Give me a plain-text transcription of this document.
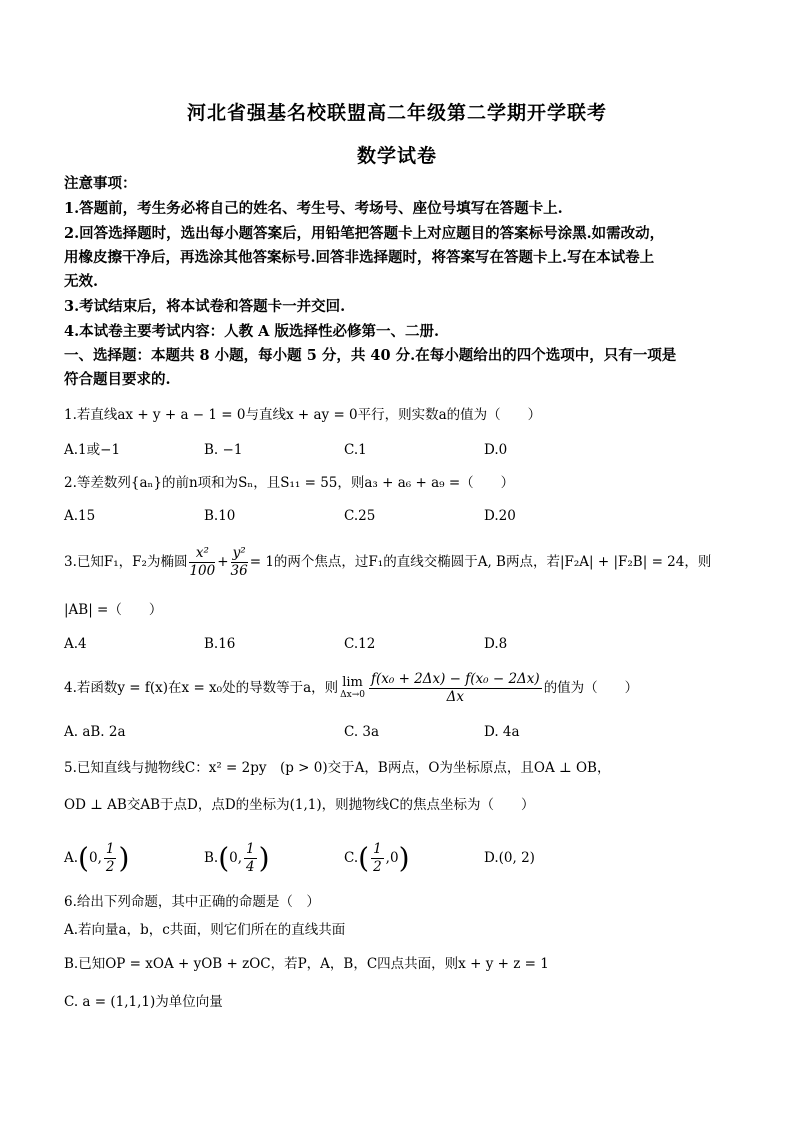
河北省强基名校联盟高二年级第二学期开学联考
数学试卷
注意事项：
1.答题前，考生务必将自己的姓名、考生号、考场号、座位号填写在答题卡上.
2.回答选择题时，选出每小题答案后，用铅笔把答题卡上对应题目的答案标号涂黑.如需改动，
用橡皮擦干净后，再选涂其他答案标号.回答非选择题时，将答案写在答题卡上.写在本试卷上
无效.
3.考试结束后，将本试卷和答题卡一并交回.
4.本试卷主要考试内容：人教 A 版选择性必修第一、二册.
一、选择题：本题共 8 小题，每小题 5 分，共 40 分.在每小题给出的四个选项中，只有一项是
符合题目要求的.
1.若直线ax + y + a − 1 = 0与直线x + ay = 0平行，则实数a的值为（　　）
A.1或−1	B. −1	C.1	D.0
2.等差数列{aₙ}的前n项和为Sₙ，且S₁₁ = 55，则a₃ + a₆ + a₉ =（　　）
A.15	B.10	C.25	D.20
3.已知F₁，F₂为椭圆 $\frac{\text{x²}}{100} + \frac{\text{y²}}{36} = 1$的两个焦点，过F₁的直线交椭圆于A, B两点，若|F₂A| + |F₂B| = 24，则
|AB| =（　　）
A.4	B.16	C.12	D.8
4.若函数y = f(x)在x = x₀处的导数等于a，则 lim
$\Delta x\to 0 \frac{\text{f(x₀ + 2Δx) − f(x₀ − 2Δx)}}{\Delta x}$ 的值为（　　）
A. aB. 2a	C. 3a	D. 4a
5.已知直线与抛物线C：x² = 2py　(p > 0)交于A，B两点，O为坐标原点，且OA ⊥ OB，
OD ⊥ AB交AB于点D，点D的坐标为(1,1)，则抛物线C的焦点坐标为（　　）
A.(0, $\frac{1}{2}$ )	B.(0, $\frac{1}{4}$ )	$C.( \frac{1}{2} ,0)$	D.(0, 2)
6.给出下列命题，其中正确的命题是（　）
A.若向量a，b，c共面，则它们所在的直线共面
B.已知OP = xOA + yOB + zOC，若P，A，B，C四点共面，则x + y + z = 1
C. a = (1,1,1)为单位向量
